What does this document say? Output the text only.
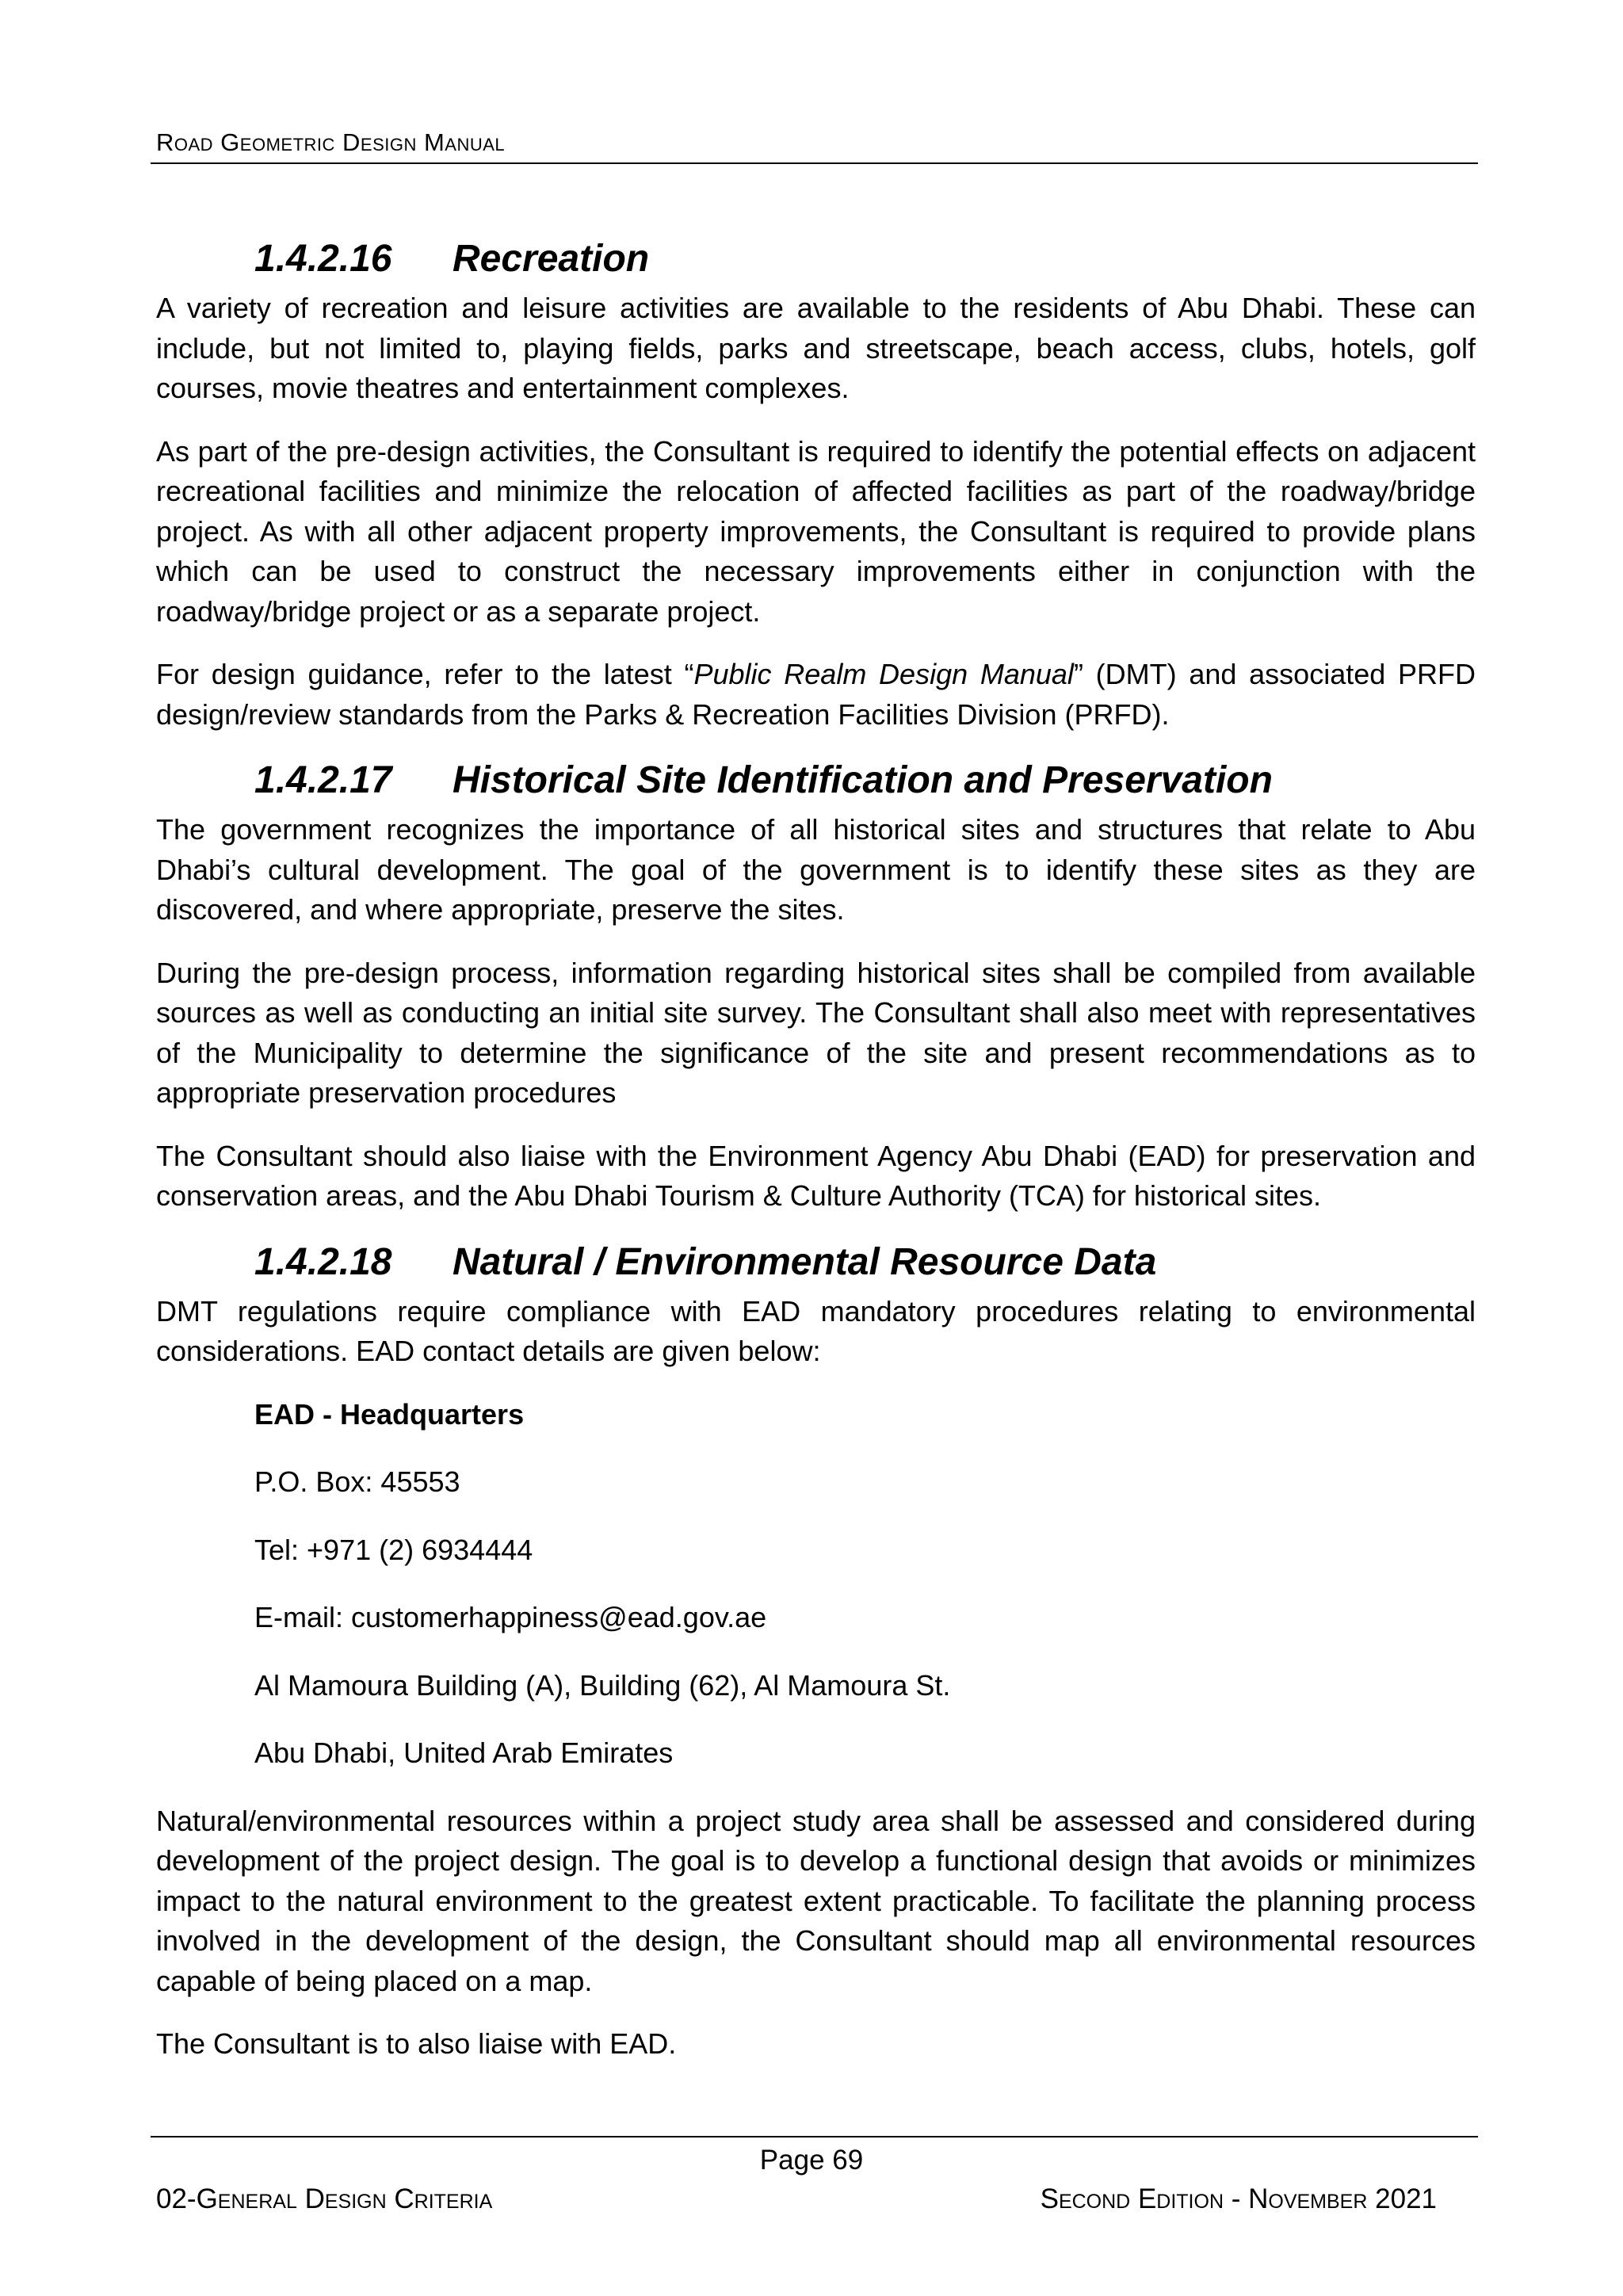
Road Geometric Design Manual
1.4.2.16 Recreation

A variety of recreation and leisure activities are available to the residents of Abu Dhabi. These can include, but not limited to, playing fields, parks and streetscape, beach access, clubs, hotels, golf courses, movie theatres and entertainment complexes.

As part of the pre-design activities, the Consultant is required to identify the potential effects on adjacent recreational facilities and minimize the relocation of affected facilities as part of the roadway/bridge project. As with all other adjacent property improvements, the Consultant is required to provide plans which can be used to construct the necessary improvements either in conjunction with the roadway/bridge project or as a separate project.

For design guidance, refer to the latest “Public Realm Design Manual” (DMT) and associated PRFD design/review standards from the Parks & Recreation Facilities Division (PRFD).

1.4.2.17 Historical Site Identification and Preservation

The government recognizes the importance of all historical sites and structures that relate to Abu Dhabi’s cultural development. The goal of the government is to identify these sites as they are discovered, and where appropriate, preserve the sites.

During the pre-design process, information regarding historical sites shall be compiled from available sources as well as conducting an initial site survey. The Consultant shall also meet with representatives of the Municipality to determine the significance of the site and present recommendations as to appropriate preservation procedures

The Consultant should also liaise with the Environment Agency Abu Dhabi (EAD) for preservation and conservation areas, and the Abu Dhabi Tourism & Culture Authority (TCA) for historical sites.

1.4.2.18 Natural / Environmental Resource Data

DMT regulations require compliance with EAD mandatory procedures relating to environmental considerations. EAD contact details are given below:

EAD - Headquarters
P.O. Box: 45553
Tel: +971 (2) 6934444
E-mail: customerhappiness@ead.gov.ae
Al Mamoura Building (A), Building (62), Al Mamoura St.
Abu Dhabi, United Arab Emirates

Natural/environmental resources within a project study area shall be assessed and considered during development of the project design. The goal is to develop a functional design that avoids or minimizes impact to the natural environment to the greatest extent practicable. To facilitate the planning process involved in the development of the design, the Consultant should map all environmental resources capable of being placed on a map.

The Consultant is to also liaise with EAD.

Page 69
02-General Design Criteria	Second Edition - November 2021
